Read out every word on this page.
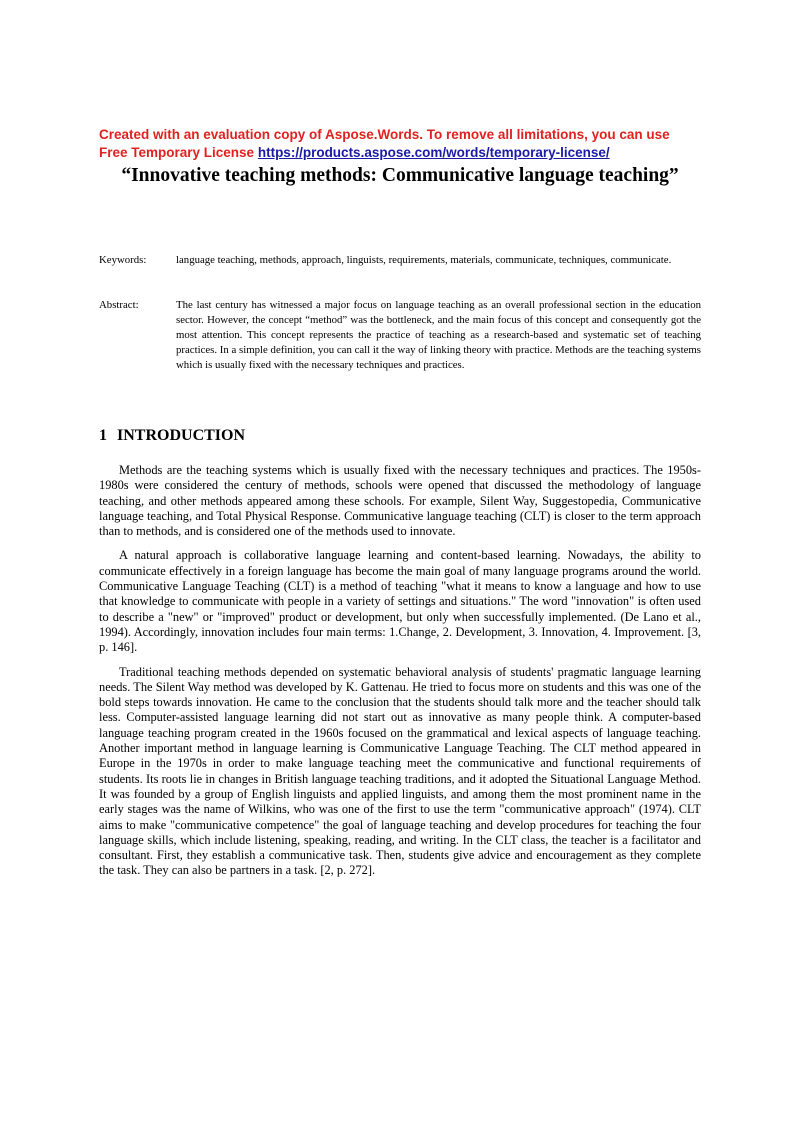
Created with an evaluation copy of Aspose.Words. To remove all limitations, you can use
Free Temporary License https://products.aspose.com/words/temporary-license/
“Innovative teaching methods: Communicative language teaching”
Keywords:	language teaching, methods, approach, linguists, requirements, materials, communicate, techniques, communicate.
Abstract:	The last century has witnessed a major focus on language teaching as an overall professional section in the education sector. However, the concept “method” was the bottleneck, and the main focus of this concept and consequently got the most attention. This concept represents the practice of teaching as a research-based and systematic set of teaching practices. In a simple definition, you can call it the way of linking theory with practice. Methods are the teaching systems which is usually fixed with the necessary techniques and practices.
1 INTRODUCTION

Methods are the teaching systems which is usually fixed with the necessary techniques and practices. The 1950s-1980s were considered the century of methods, schools were opened that discussed the methodology of language teaching, and other methods appeared among these schools. For example, Silent Way, Suggestopedia, Communicative language teaching, and Total Physical Response. Communicative language teaching (CLT) is closer to the term approach than to methods, and is considered one of the methods used to innovate.

A natural approach is collaborative language learning and content-based learning. Nowadays, the ability to communicate effectively in a foreign language has become the main goal of many language programs around the world. Communicative Language Teaching (CLT) is a method of teaching "what it means to know a language and how to use that knowledge to communicate with people in a variety of settings and situations." The word "innovation" is often used to describe a "new" or "improved" product or development, but only when successfully implemented. (De Lano et al., 1994). Accordingly, innovation includes four main terms: 1.Change, 2. Development, 3. Innovation, 4. Improvement. [3, p. 146].

Traditional teaching methods depended on systematic behavioral analysis of students' pragmatic language learning needs. The Silent Way method was developed by K. Gattenau. He tried to focus more on students and this was one of the bold steps towards innovation. He came to the conclusion that the students should talk more and the teacher should talk less. Computer-assisted language learning did not start out as innovative as many people think. A computer-based language teaching program created in the 1960s focused on the grammatical and lexical aspects of language teaching. Another important method in language learning is Communicative Language Teaching. The CLT method appeared in Europe in the 1970s in order to make language teaching meet the communicative and functional requirements of students. Its roots lie in changes in British language teaching traditions, and it adopted the Situational Language Method. It was founded by a group of English linguists and applied linguists, and among them the most prominent name in the early stages was the name of Wilkins, who was one of the first to use the term "communicative approach" (1974). CLT aims to make "communicative competence" the goal of language teaching and develop procedures for teaching the four language skills, which include listening, speaking, reading, and writing. In the CLT class, the teacher is a facilitator and consultant. First, they establish a communicative task. Then, students give advice and encouragement as they complete the task. They can also be partners in a task. [2, p. 272].
